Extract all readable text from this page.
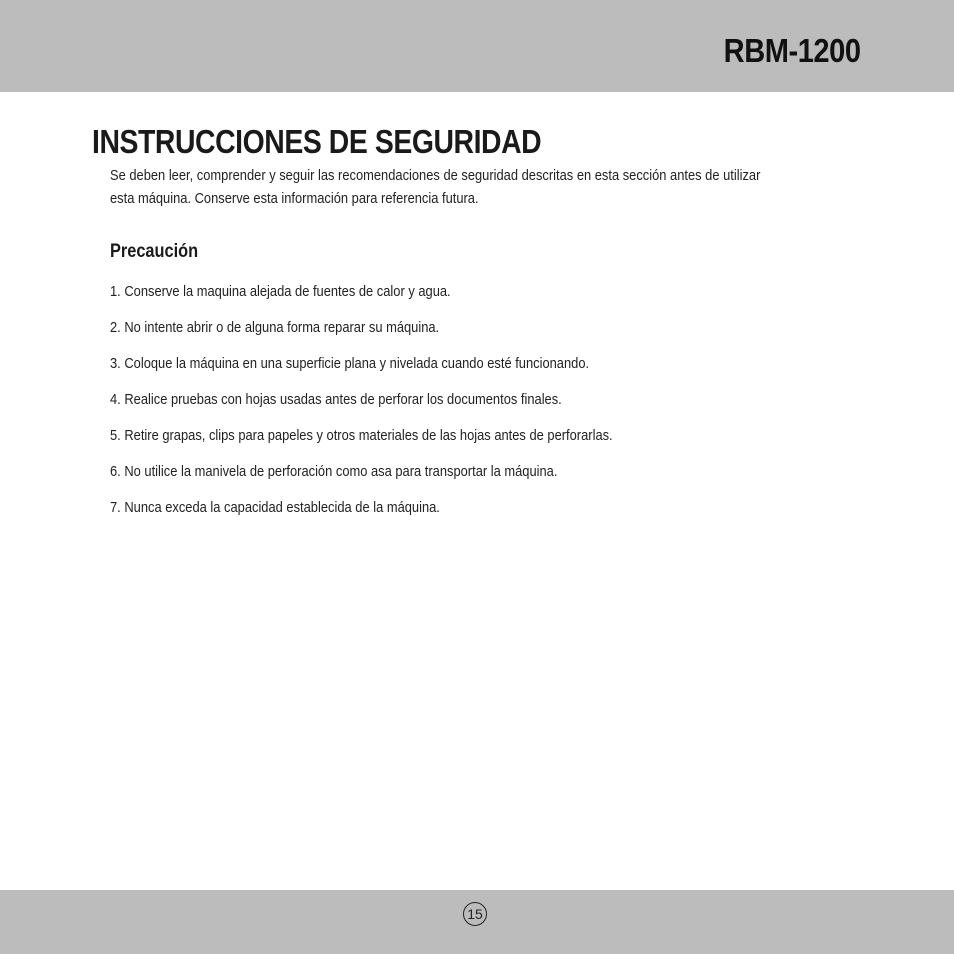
RBM-1200
INSTRUCCIONES DE SEGURIDAD

Se deben leer, comprender y seguir las recomendaciones de seguridad descritas en esta sección antes de utilizar
esta máquina. Conserve esta información para referencia futura.

Precaución
1. Conserve la maquina alejada de fuentes de calor y agua.
2. No intente abrir o de alguna forma reparar su máquina.
3. Coloque la máquina en una superficie plana y nivelada cuando esté funcionando.
4. Realice pruebas con hojas usadas antes de perforar los documentos finales.
5. Retire grapas, clips para papeles y otros materiales de las hojas antes de perforarlas.
6. No utilice la manivela de perforación como asa para transportar la máquina.
7. Nunca exceda la capacidad establecida de la máquina.
15
